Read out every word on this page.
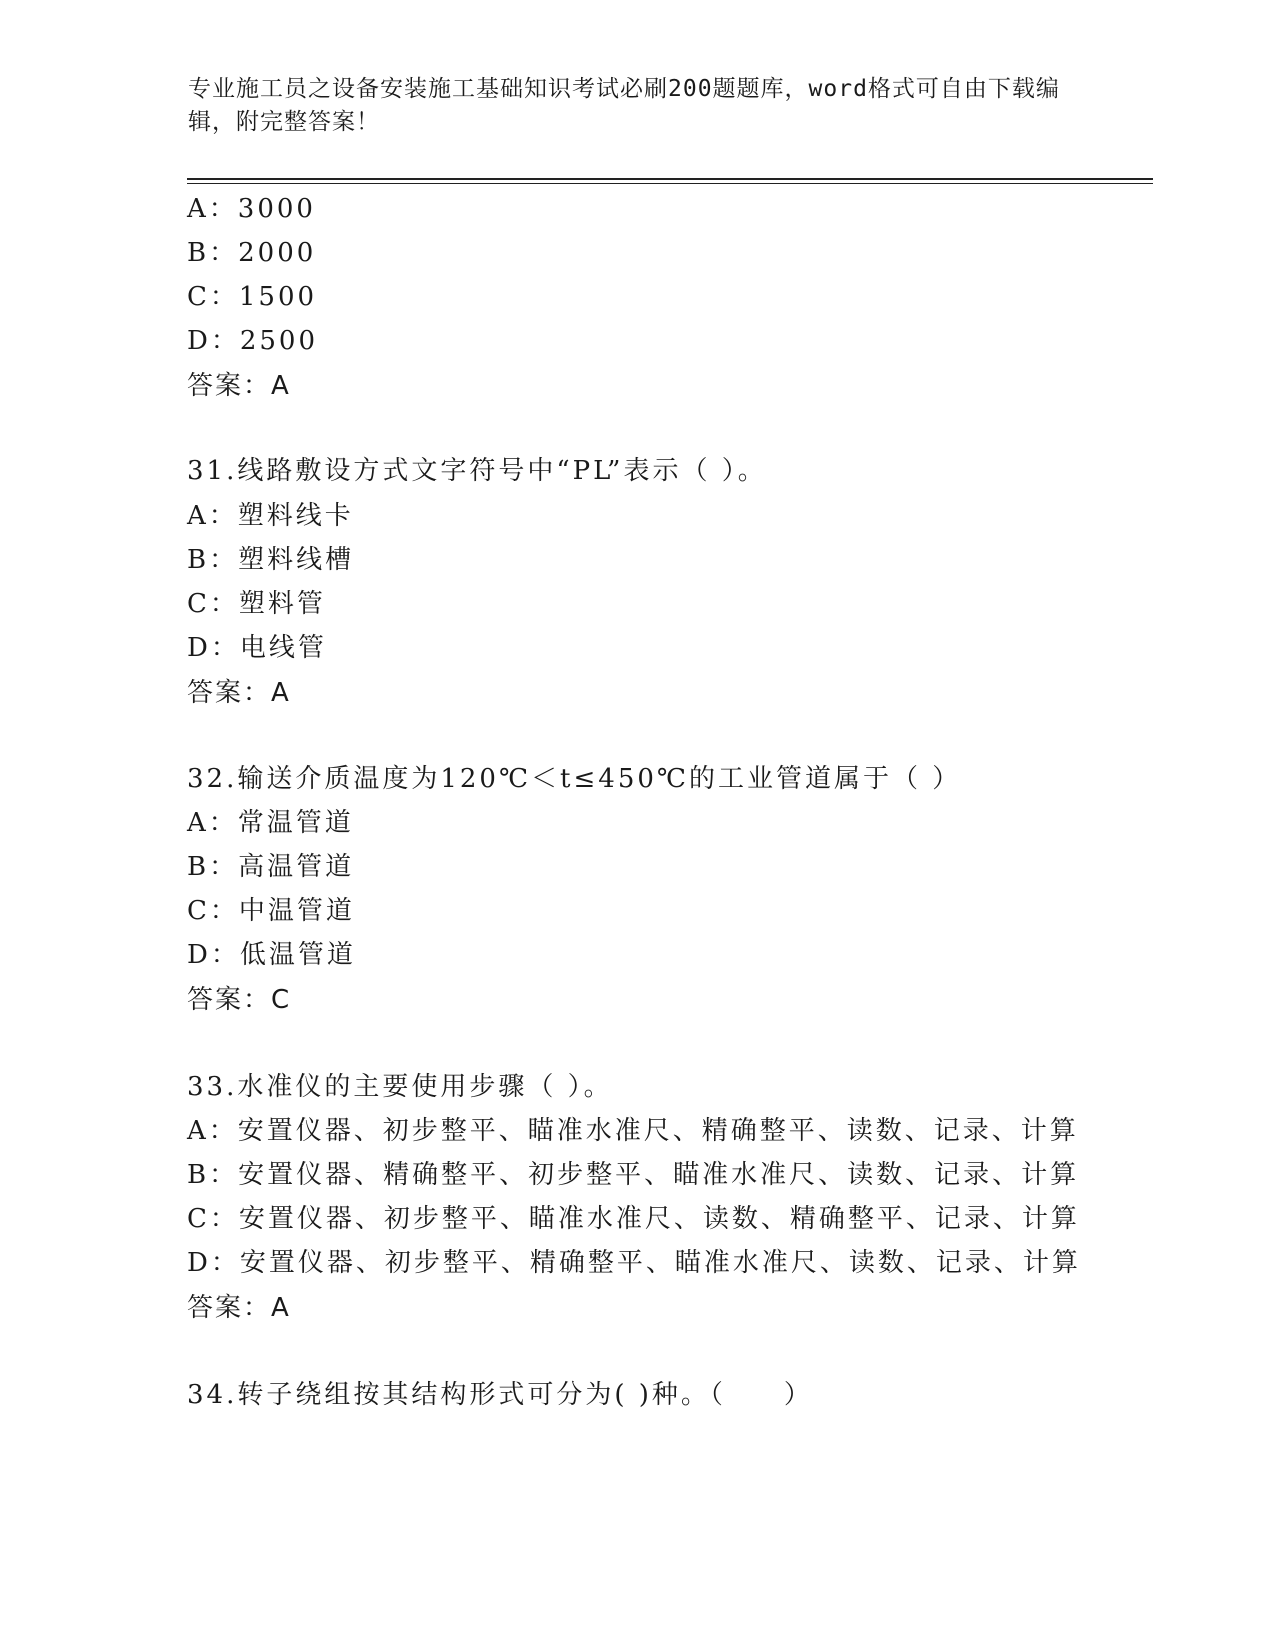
专业施工员之设备安装施工基础知识考试必刷200题题库，word格式可自由下载编辑，附完整答案！
A：3000
B：2000
C：1500
D：2500
答案：A
31.线路敷设方式文字符号中“PL”表示（ ）。
A：塑料线卡
B：塑料线槽
C：塑料管
D：电线管
答案：A
32.输送介质温度为120℃＜t≤450℃的工业管道属于（ ）
A：常温管道
B：高温管道
C：中温管道
D：低温管道
答案：C
33.水准仪的主要使用步骤（ ）。
A：安置仪器、初步整平、瞄准水准尺、精确整平、读数、记录、计算
B：安置仪器、精确整平、初步整平、瞄准水准尺、读数、记录、计算
C：安置仪器、初步整平、瞄准水准尺、读数、精确整平、记录、计算
D：安置仪器、初步整平、精确整平、瞄准水准尺、读数、记录、计算
答案：A
34.转子绕组按其结构形式可分为( )种。（　　）
